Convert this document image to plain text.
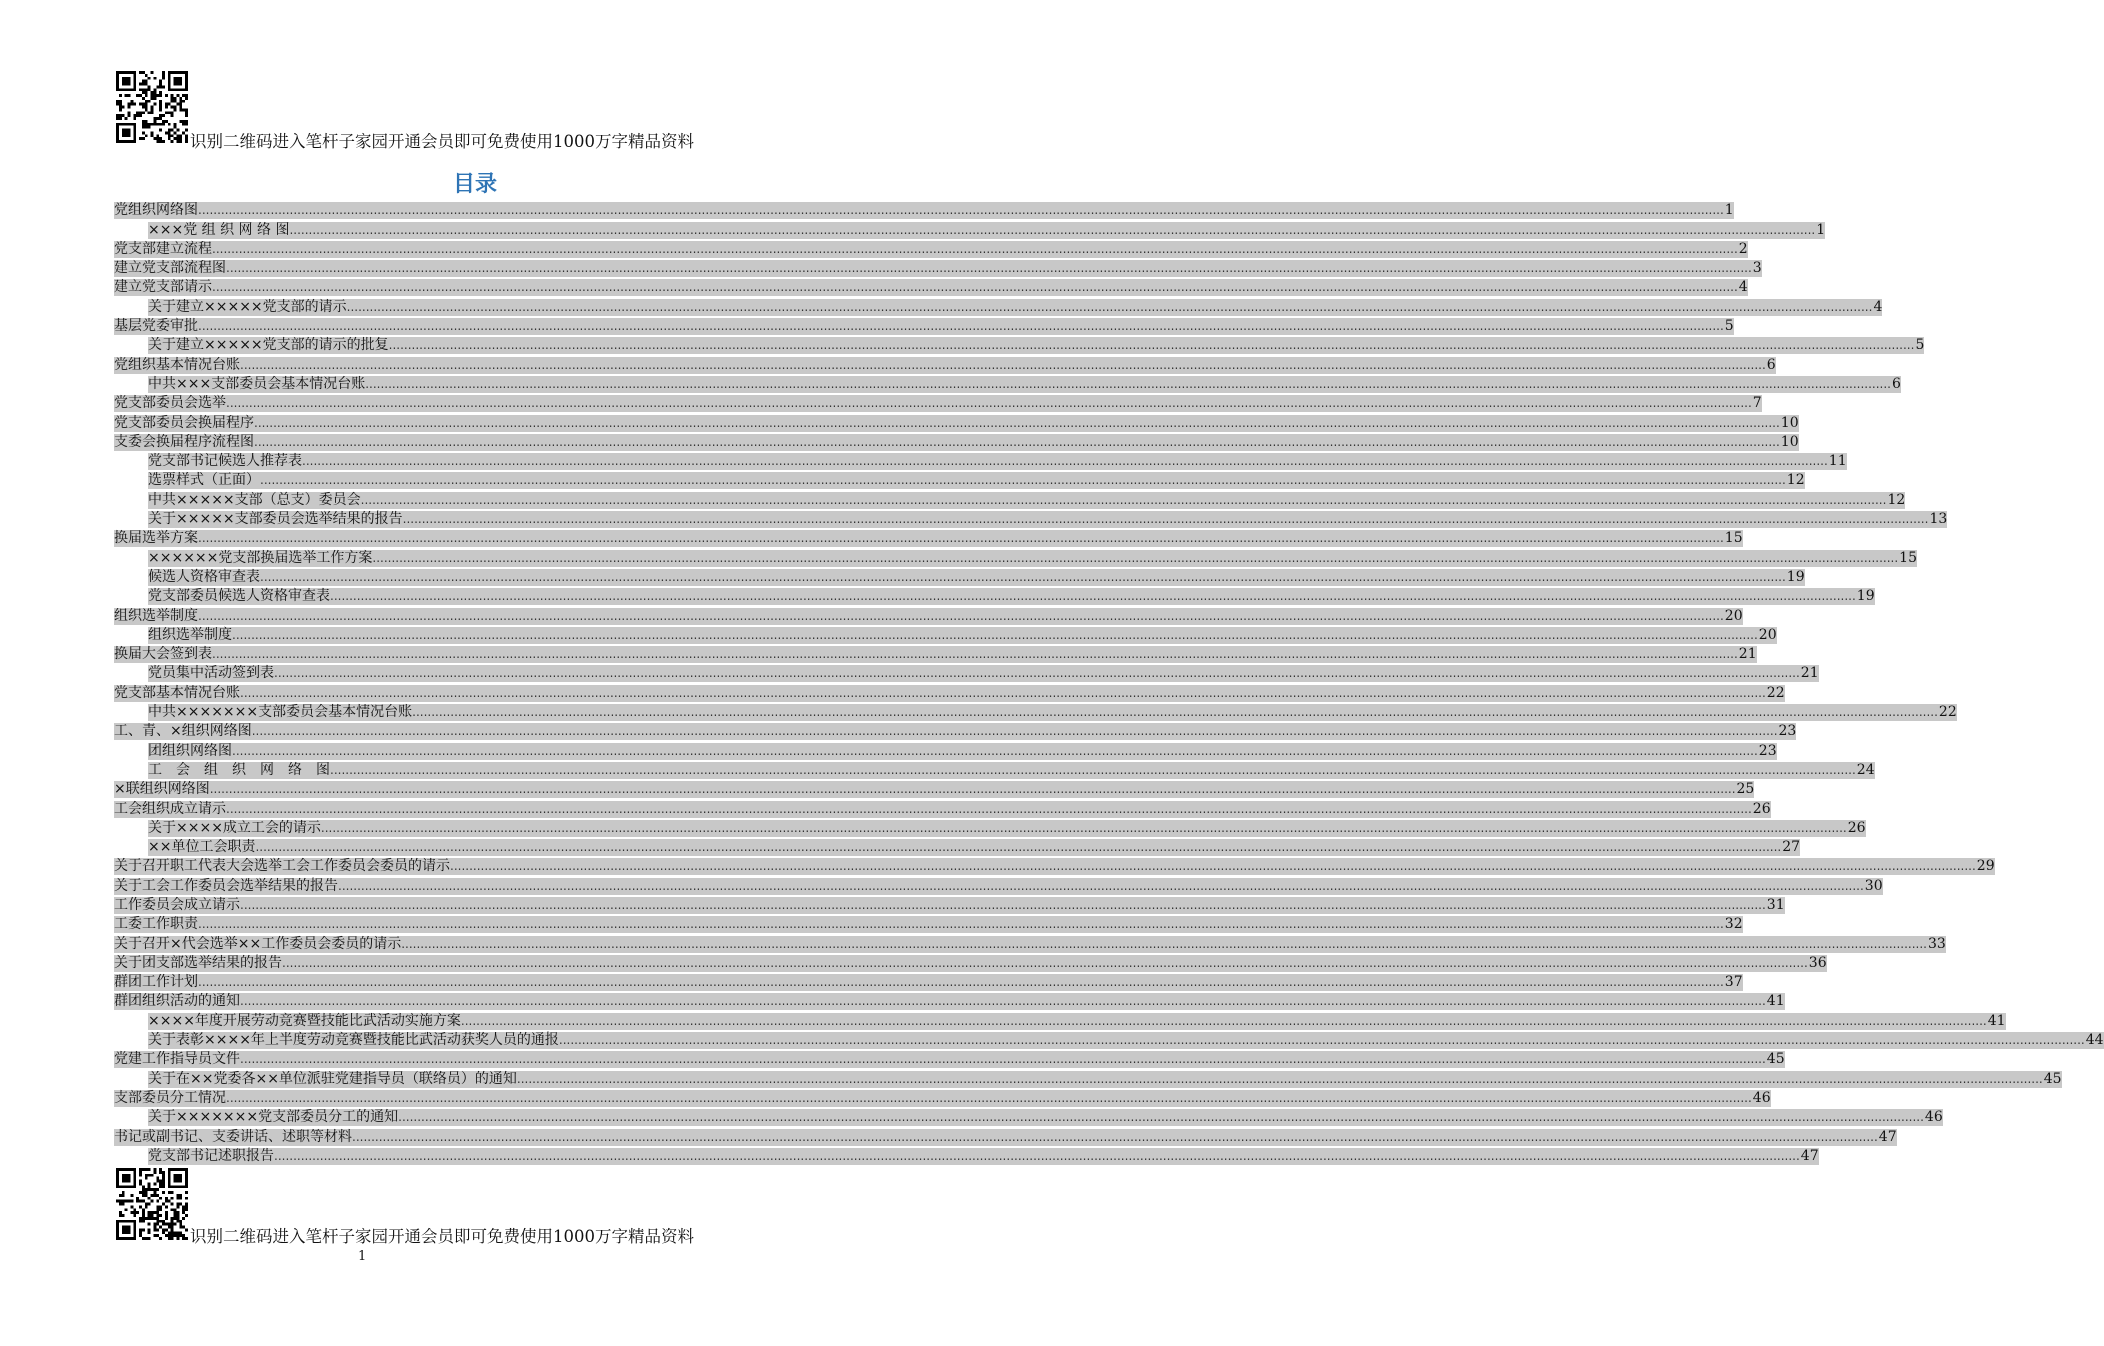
识别二维码进入笔杆子家园开通会员即可免费使用1000万字精品资料
目录
党组织网络图 ................................................................................................................................................................................................................................................................................................................................................................................................................ 1
×××党 组 织 网 络 图 ................................................................................................................................................................................................................................................................................................................................................................................................................ 1
党支部建立流程 ................................................................................................................................................................................................................................................................................................................................................................................................................ 2
建立党支部流程图 ................................................................................................................................................................................................................................................................................................................................................................................................................ 3
建立党支部请示 ................................................................................................................................................................................................................................................................................................................................................................................................................ 4
关于建立×××××党支部的请示 ................................................................................................................................................................................................................................................................................................................................................................................................................ 4
基层党委审批 ................................................................................................................................................................................................................................................................................................................................................................................................................ 5
关于建立×××××党支部的请示的批复 ................................................................................................................................................................................................................................................................................................................................................................................................................ 5
党组织基本情况台账 ................................................................................................................................................................................................................................................................................................................................................................................................................ 6
中共×××支部委员会基本情况台账 ................................................................................................................................................................................................................................................................................................................................................................................................................ 6
党支部委员会选举 ................................................................................................................................................................................................................................................................................................................................................................................................................ 7
党支部委员会换届程序 ................................................................................................................................................................................................................................................................................................................................................................................................................ 10
支委会换届程序流程图 ................................................................................................................................................................................................................................................................................................................................................................................................................ 10
党支部书记候选人推荐表 ................................................................................................................................................................................................................................................................................................................................................................................................................ 11
选票样式（正面） ................................................................................................................................................................................................................................................................................................................................................................................................................ 12
中共×××××支部（总支）委员会 ................................................................................................................................................................................................................................................................................................................................................................................................................ 12
关于×××××支部委员会选举结果的报告 ................................................................................................................................................................................................................................................................................................................................................................................................................ 13
换届选举方案 ................................................................................................................................................................................................................................................................................................................................................................................................................ 15
××××××党支部换届选举工作方案 ................................................................................................................................................................................................................................................................................................................................................................................................................ 15
候选人资格审查表 ................................................................................................................................................................................................................................................................................................................................................................................................................ 19
党支部委员候选人资格审查表 ................................................................................................................................................................................................................................................................................................................................................................................................................ 19
组织选举制度 ................................................................................................................................................................................................................................................................................................................................................................................................................ 20
组织选举制度 ................................................................................................................................................................................................................................................................................................................................................................................................................ 20
换届大会签到表 ................................................................................................................................................................................................................................................................................................................................................................................................................ 21
党员集中活动签到表 ................................................................................................................................................................................................................................................................................................................................................................................................................ 21
党支部基本情况台账 ................................................................................................................................................................................................................................................................................................................................................................................................................ 22
中共×××××××支部委员会基本情况台账 ................................................................................................................................................................................................................................................................................................................................................................................................................ 22
工、青、×组织网络图 ................................................................................................................................................................................................................................................................................................................................................................................................................ 23
团组织网络图 ................................................................................................................................................................................................................................................................................................................................................................................................................ 23
工　会　组　织　网　络　图 ................................................................................................................................................................................................................................................................................................................................................................................................................ 24
×联组织网络图 ................................................................................................................................................................................................................................................................................................................................................................................................................ 25
工会组织成立请示 ................................................................................................................................................................................................................................................................................................................................................................................................................ 26
关于××××成立工会的请示 ................................................................................................................................................................................................................................................................................................................................................................................................................ 26
××单位工会职责 ................................................................................................................................................................................................................................................................................................................................................................................................................ 27
关于召开职工代表大会选举工会工作委员会委员的请示 ................................................................................................................................................................................................................................................................................................................................................................................................................ 29
关于工会工作委员会选举结果的报告 ................................................................................................................................................................................................................................................................................................................................................................................................................ 30
工作委员会成立请示 ................................................................................................................................................................................................................................................................................................................................................................................................................ 31
工委工作职责 ................................................................................................................................................................................................................................................................................................................................................................................................................ 32
关于召开×代会选举××工作委员会委员的请示 ................................................................................................................................................................................................................................................................................................................................................................................................................ 33
关于团支部选举结果的报告 ................................................................................................................................................................................................................................................................................................................................................................................................................ 36
群团工作计划 ................................................................................................................................................................................................................................................................................................................................................................................................................ 37
群团组织活动的通知 ................................................................................................................................................................................................................................................................................................................................................................................................................ 41
××××年度开展劳动竞赛暨技能比武活动实施方案 ................................................................................................................................................................................................................................................................................................................................................................................................................ 41
关于表彰××××年上半度劳动竞赛暨技能比武活动获奖人员的通报 ................................................................................................................................................................................................................................................................................................................................................................................................................ 44
党建工作指导员文件 ................................................................................................................................................................................................................................................................................................................................................................................................................ 45
关于在××党委各××单位派驻党建指导员（联络员）的通知 ................................................................................................................................................................................................................................................................................................................................................................................................................ 45
支部委员分工情况 ................................................................................................................................................................................................................................................................................................................................................................................................................ 46
关于×××××××党支部委员分工的通知 ................................................................................................................................................................................................................................................................................................................................................................................................................ 46
书记或副书记、支委讲话、述职等材料 ................................................................................................................................................................................................................................................................................................................................................................................................................ 47
党支部书记述职报告 ................................................................................................................................................................................................................................................................................................................................................................................................................ 47
识别二维码进入笔杆子家园开通会员即可免费使用1000万字精品资料
1
